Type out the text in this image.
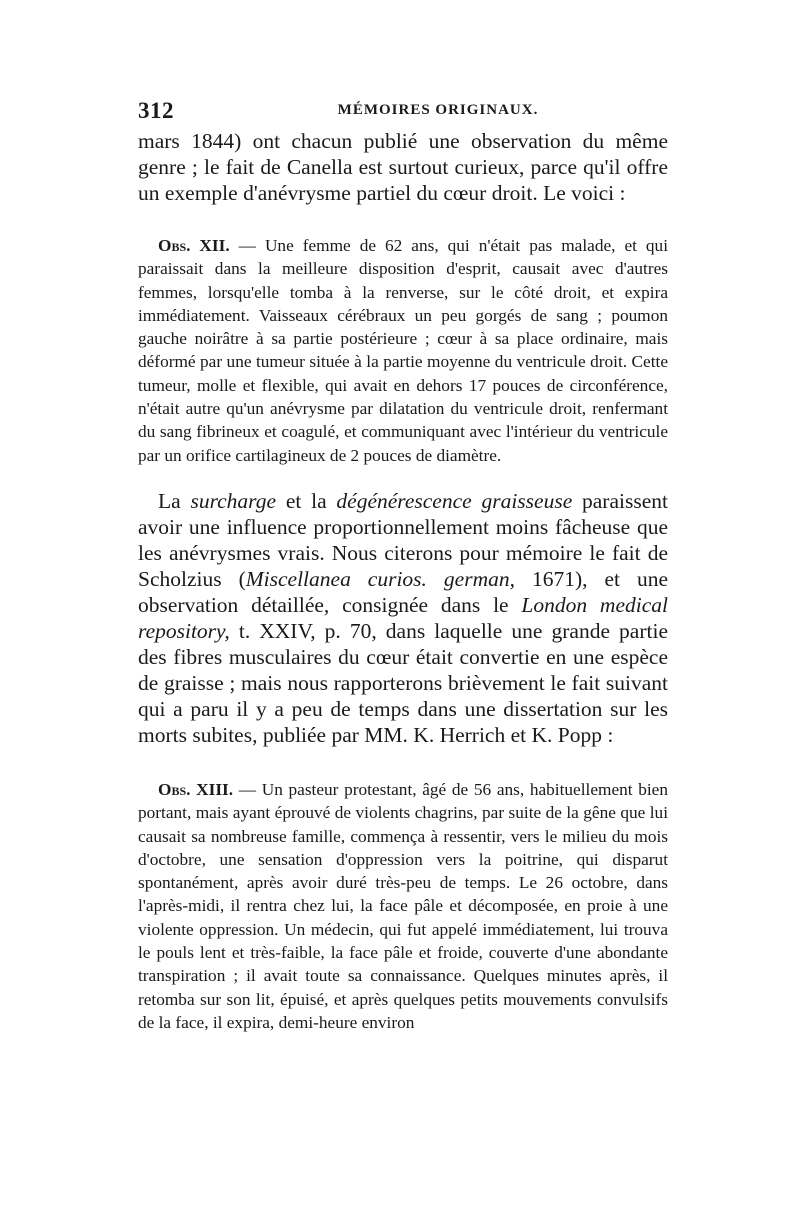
312	MÉMOIRES ORIGINAUX.

mars 1844) ont chacun publié une observation du même genre ; le fait de Canella est surtout curieux, parce qu'il offre un exemple d'anévrysme partiel du cœur droit. Le voici :

Obs. XII. — Une femme de 62 ans, qui n'était pas malade, et qui paraissait dans la meilleure disposition d'esprit, causait avec d'autres femmes, lorsqu'elle tomba à la renverse, sur le côté droit, et expira immédiatement. Vaisseaux cérébraux un peu gorgés de sang ; poumon gauche noirâtre à sa partie postérieure ; cœur à sa place ordinaire, mais déformé par une tumeur située à la partie moyenne du ventricule droit. Cette tumeur, molle et flexible, qui avait en dehors 17 pouces de circonférence, n'était autre qu'un anévrysme par dilatation du ventricule droit, renfermant du sang fibrineux et coagulé, et communiquant avec l'intérieur du ventricule par un orifice cartilagineux de 2 pouces de diamètre.

La surcharge et la dégénérescence graisseuse paraissent avoir une influence proportionnellement moins fâcheuse que les anévrysmes vrais. Nous citerons pour mémoire le fait de Scholzius (Miscellanea curios. german, 1671), et une observation détaillée, consignée dans le London medical repository, t. XXIV, p. 70, dans laquelle une grande partie des fibres musculaires du cœur était convertie en une espèce de graisse ; mais nous rapporterons brièvement le fait suivant qui a paru il y a peu de temps dans une dissertation sur les morts subites, publiée par MM. K. Herrich et K. Popp :

Obs. XIII. — Un pasteur protestant, âgé de 56 ans, habituellement bien portant, mais ayant éprouvé de violents chagrins, par suite de la gêne que lui causait sa nombreuse famille, commença à ressentir, vers le milieu du mois d'octobre, une sensation d'oppression vers la poitrine, qui disparut spontanément, après avoir duré très-peu de temps. Le 26 octobre, dans l'après-midi, il rentra chez lui, la face pâle et décomposée, en proie à une violente oppression. Un médecin, qui fut appelé immédiatement, lui trouva le pouls lent et très-faible, la face pâle et froide, couverte d'une abondante transpiration ; il avait toute sa connaissance. Quelques minutes après, il retomba sur son lit, épuisé, et après quelques petits mouvements convulsifs de la face, il expira, demi-heure environ
